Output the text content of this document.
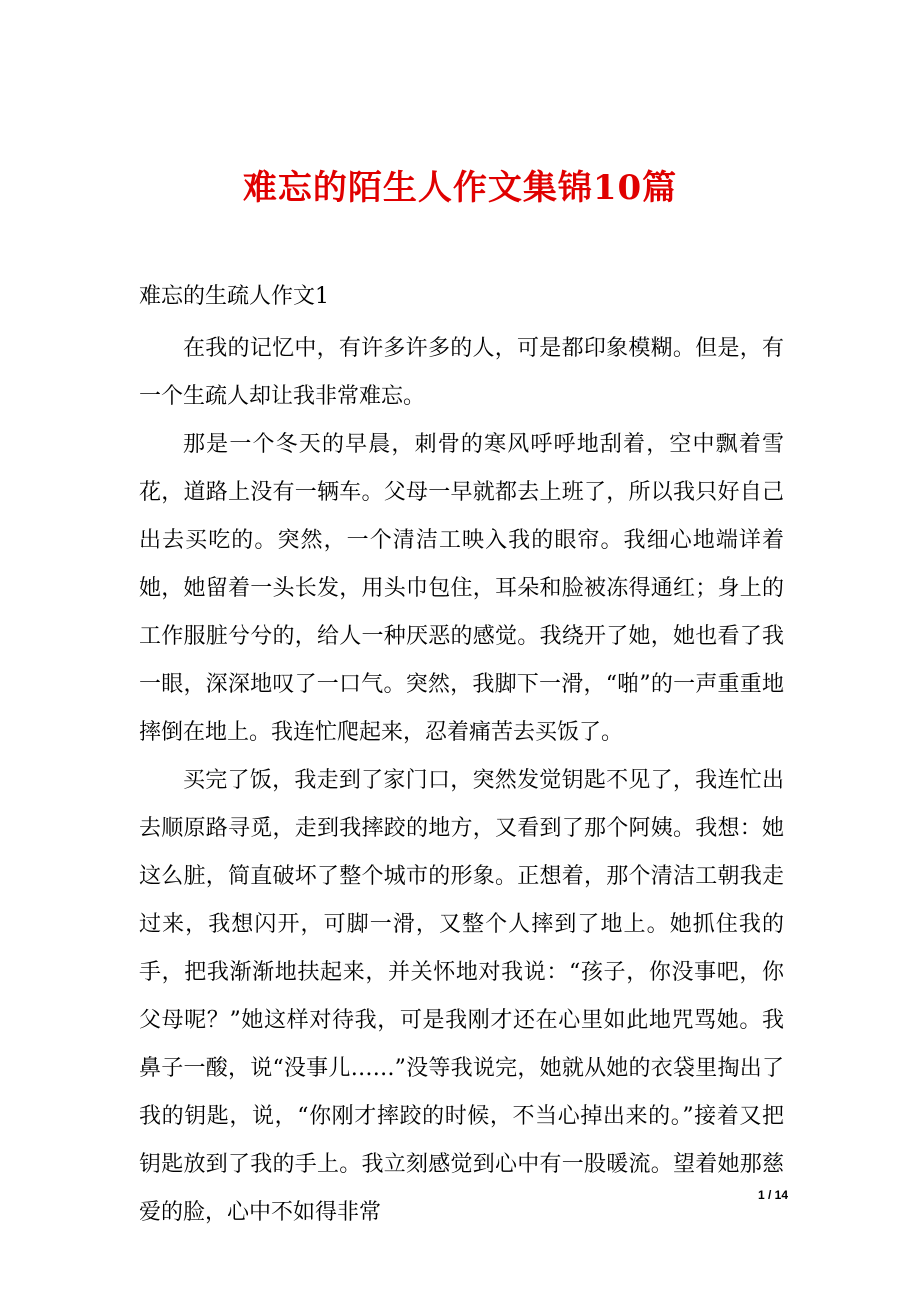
难忘的陌生人作文集锦10篇
难忘的生疏人作文1

在我的记忆中，有许多许多的人，可是都印象模糊。但是，有一个生疏人却让我非常难忘。

那是一个冬天的早晨，刺骨的寒风呼呼地刮着，空中飘着雪花，道路上没有一辆车。父母一早就都去上班了，所以我只好自己出去买吃的。突然，一个清洁工映入我的眼帘。我细心地端详着她，她留着一头长发，用头巾包住，耳朵和脸被冻得通红；身上的工作服脏兮兮的，给人一种厌恶的感觉。我绕开了她，她也看了我一眼，深深地叹了一口气。突然，我脚下一滑，“啪”的一声重重地摔倒在地上。我连忙爬起来，忍着痛苦去买饭了。

买完了饭，我走到了家门口，突然发觉钥匙不见了，我连忙出去顺原路寻觅，走到我摔跤的地方，又看到了那个阿姨。我想：她这么脏，简直破坏了整个城市的形象。正想着，那个清洁工朝我走过来，我想闪开，可脚一滑，又整个人摔到了地上。她抓住我的手，把我渐渐地扶起来，并关怀地对我说：“孩子，你没事吧，你父母呢？”她这样对待我，可是我刚才还在心里如此地咒骂她。我鼻子一酸，说“没事儿……”没等我说完，她就从她的衣袋里掏出了我的钥匙，说，“你刚才摔跤的时候，不当心掉出来的。”接着又把钥匙放到了我的手上。我立刻感觉到心中有一股暖流。望着她那慈爱的脸，心中不如得非常

1 / 14
